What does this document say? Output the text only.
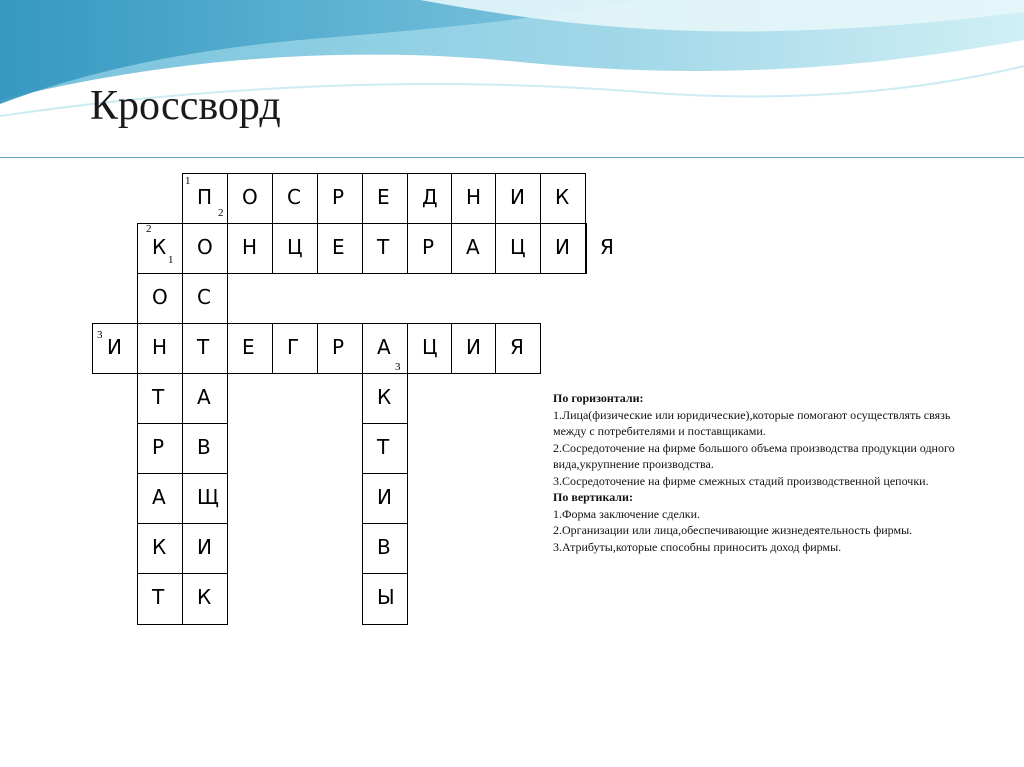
Кроссворд
П
1
2
О С Р Е Д Н И К
К
2
1
О Н Ц Е Т Р А Ц И Я
И
3 Н Т Е Г Р А
3
Ц И Я
О
Т
Р
А
К
Т
С
А
В
Щ
И
К
К
Т
И
В
Ы

По горизонтали:

1.Лица(физические или юридические),которые помогают осуществлять связь между с потребителями и поставщиками.

2.Сосредоточение на фирме большого объема производства продукции одного вида,укрупнение производства.

3.Сосредоточение на фирме смежных стадий производственной цепочки.

По вертикали:

1.Форма заключение сделки.

2.Организации или лица,обеспечивающие жизнедеятельность фирмы.

3.Атрибуты,которые способны приносить доход фирмы.
